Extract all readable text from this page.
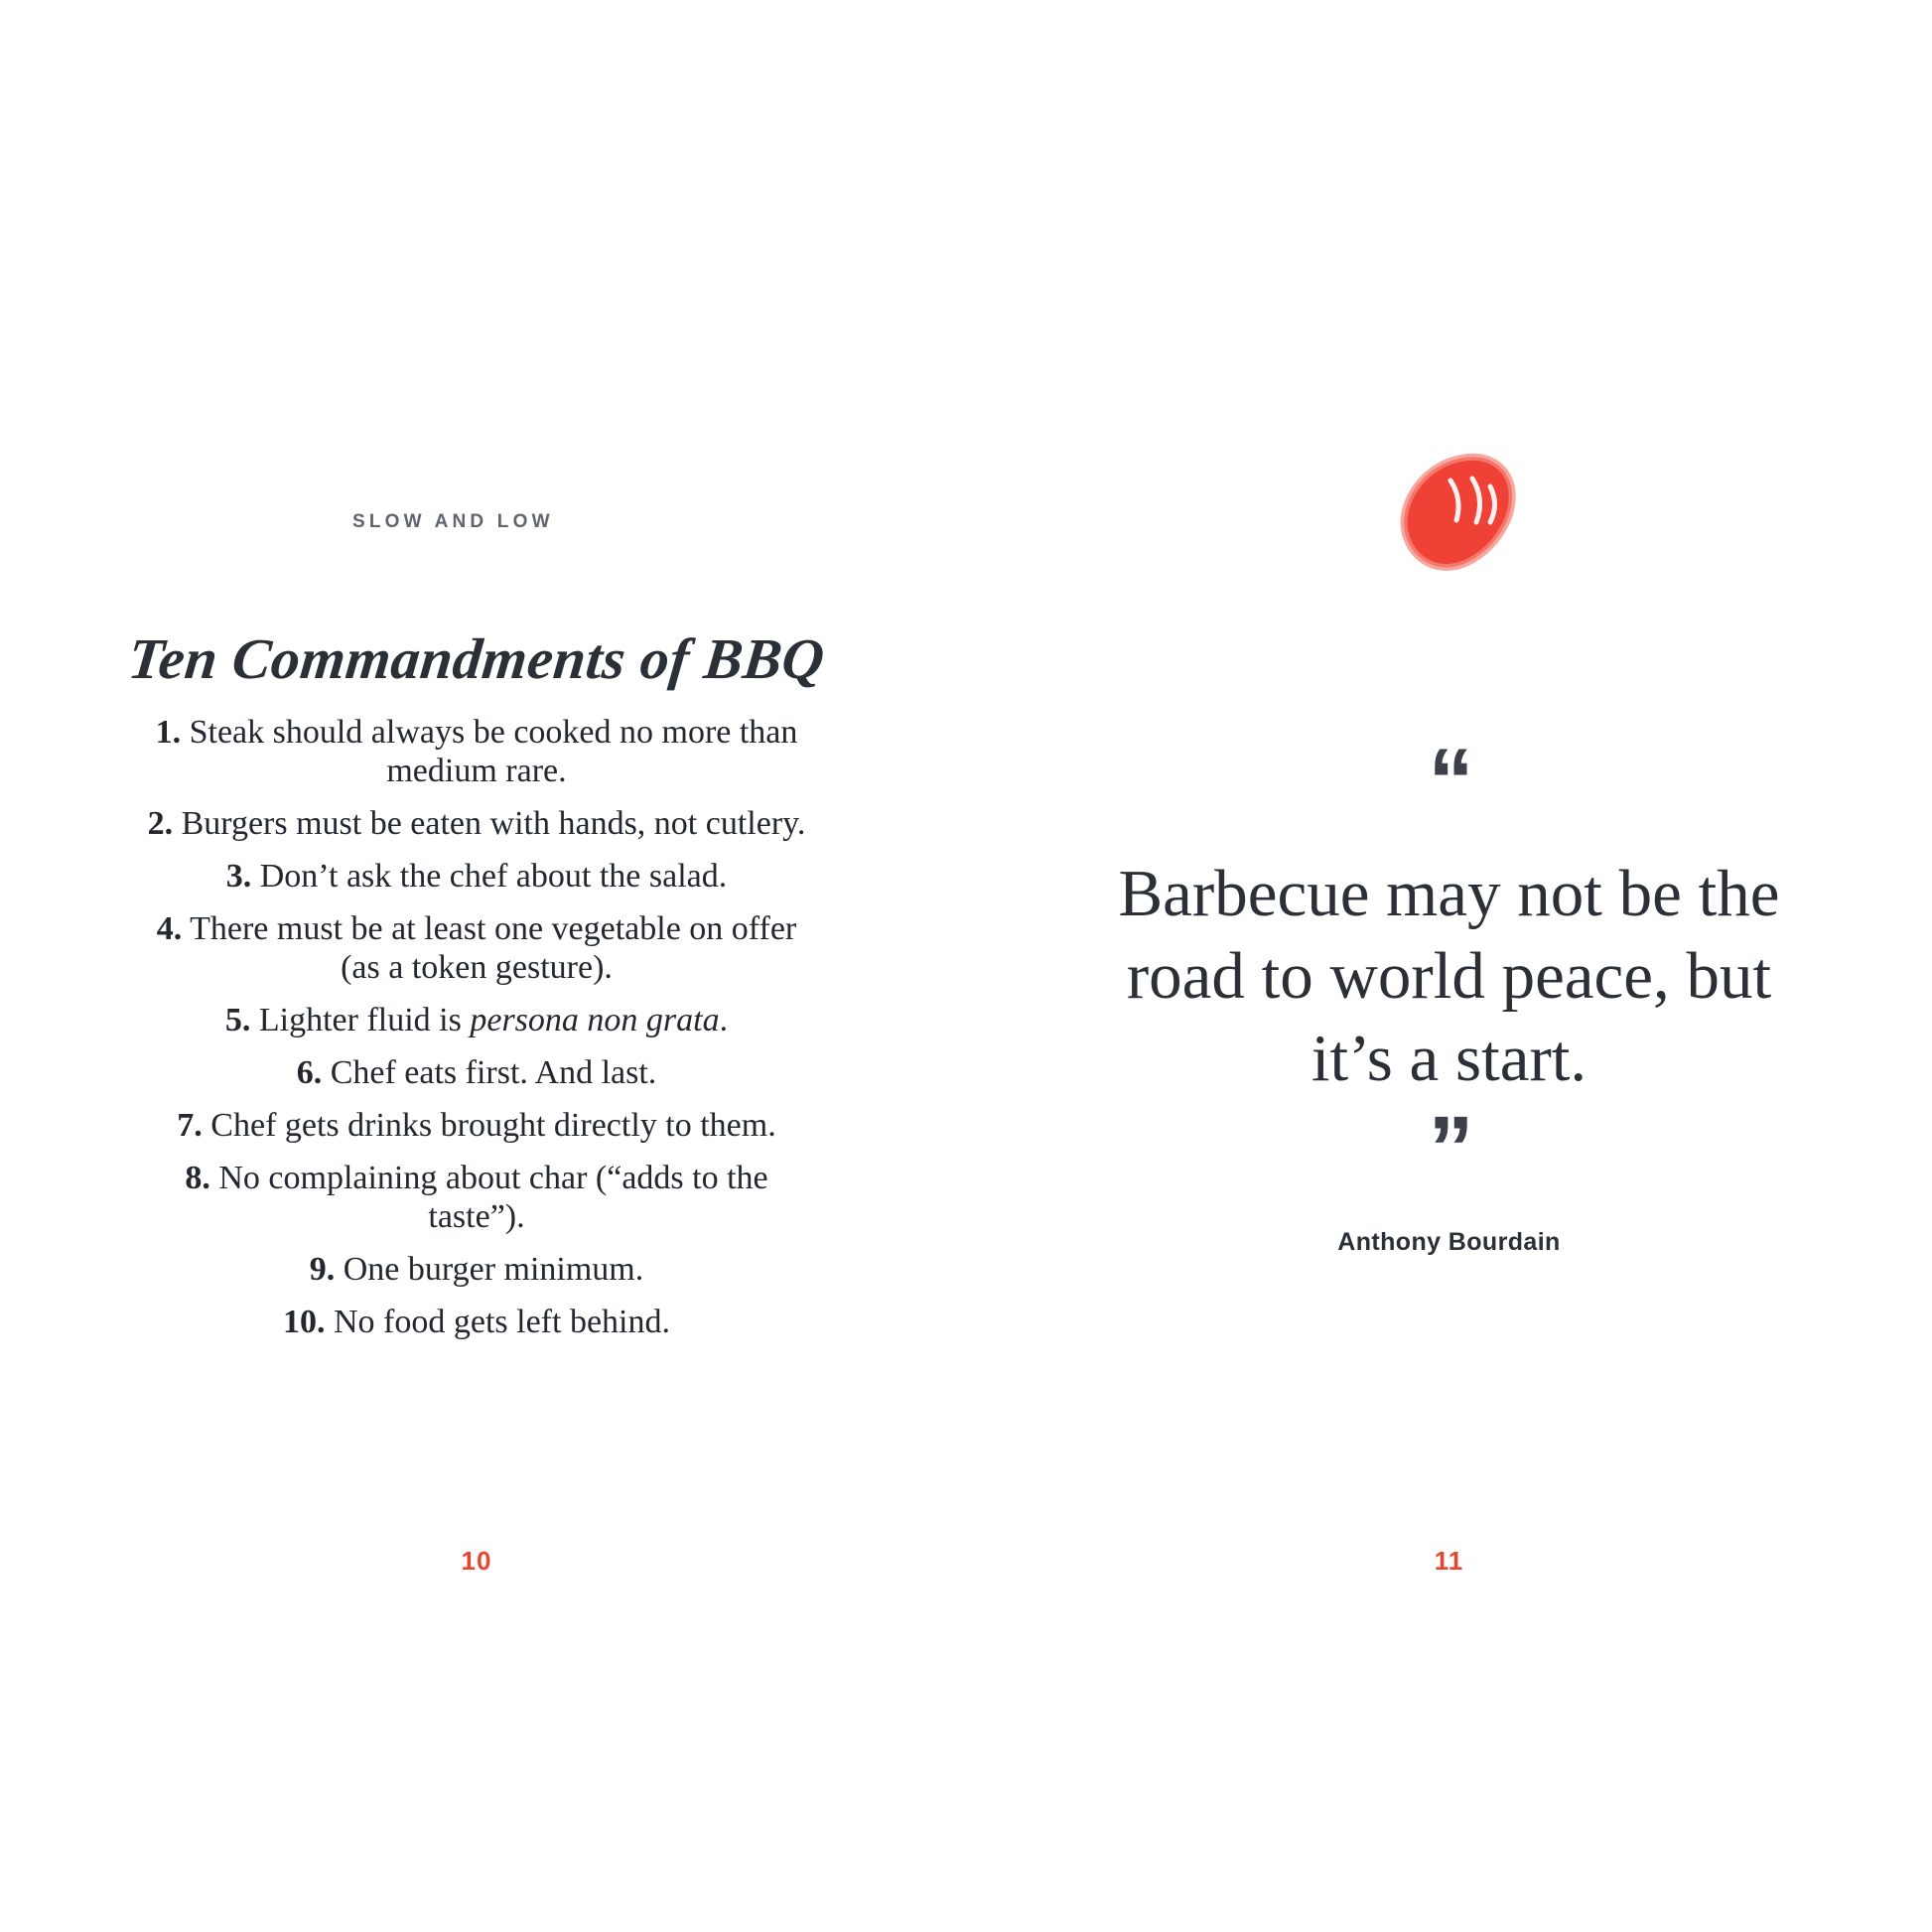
SLOW AND LOW
Ten Commandments of BBQ
1. Steak should always be cooked no more than medium rare.
2. Burgers must be eaten with hands, not cutlery.
3. Don’t ask the chef about the salad.
4. There must be at least one vegetable on offer (as a token gesture).
5. Lighter fluid is persona non grata.
6. Chef eats first. And last.
7. Chef gets drinks brought directly to them.
8. No complaining about char (“adds to the taste”).
9. One burger minimum.
10. No food gets left behind.
10
“
Barbecue may not be the road to world peace, but it’s a start.
”
Anthony Bourdain
11
